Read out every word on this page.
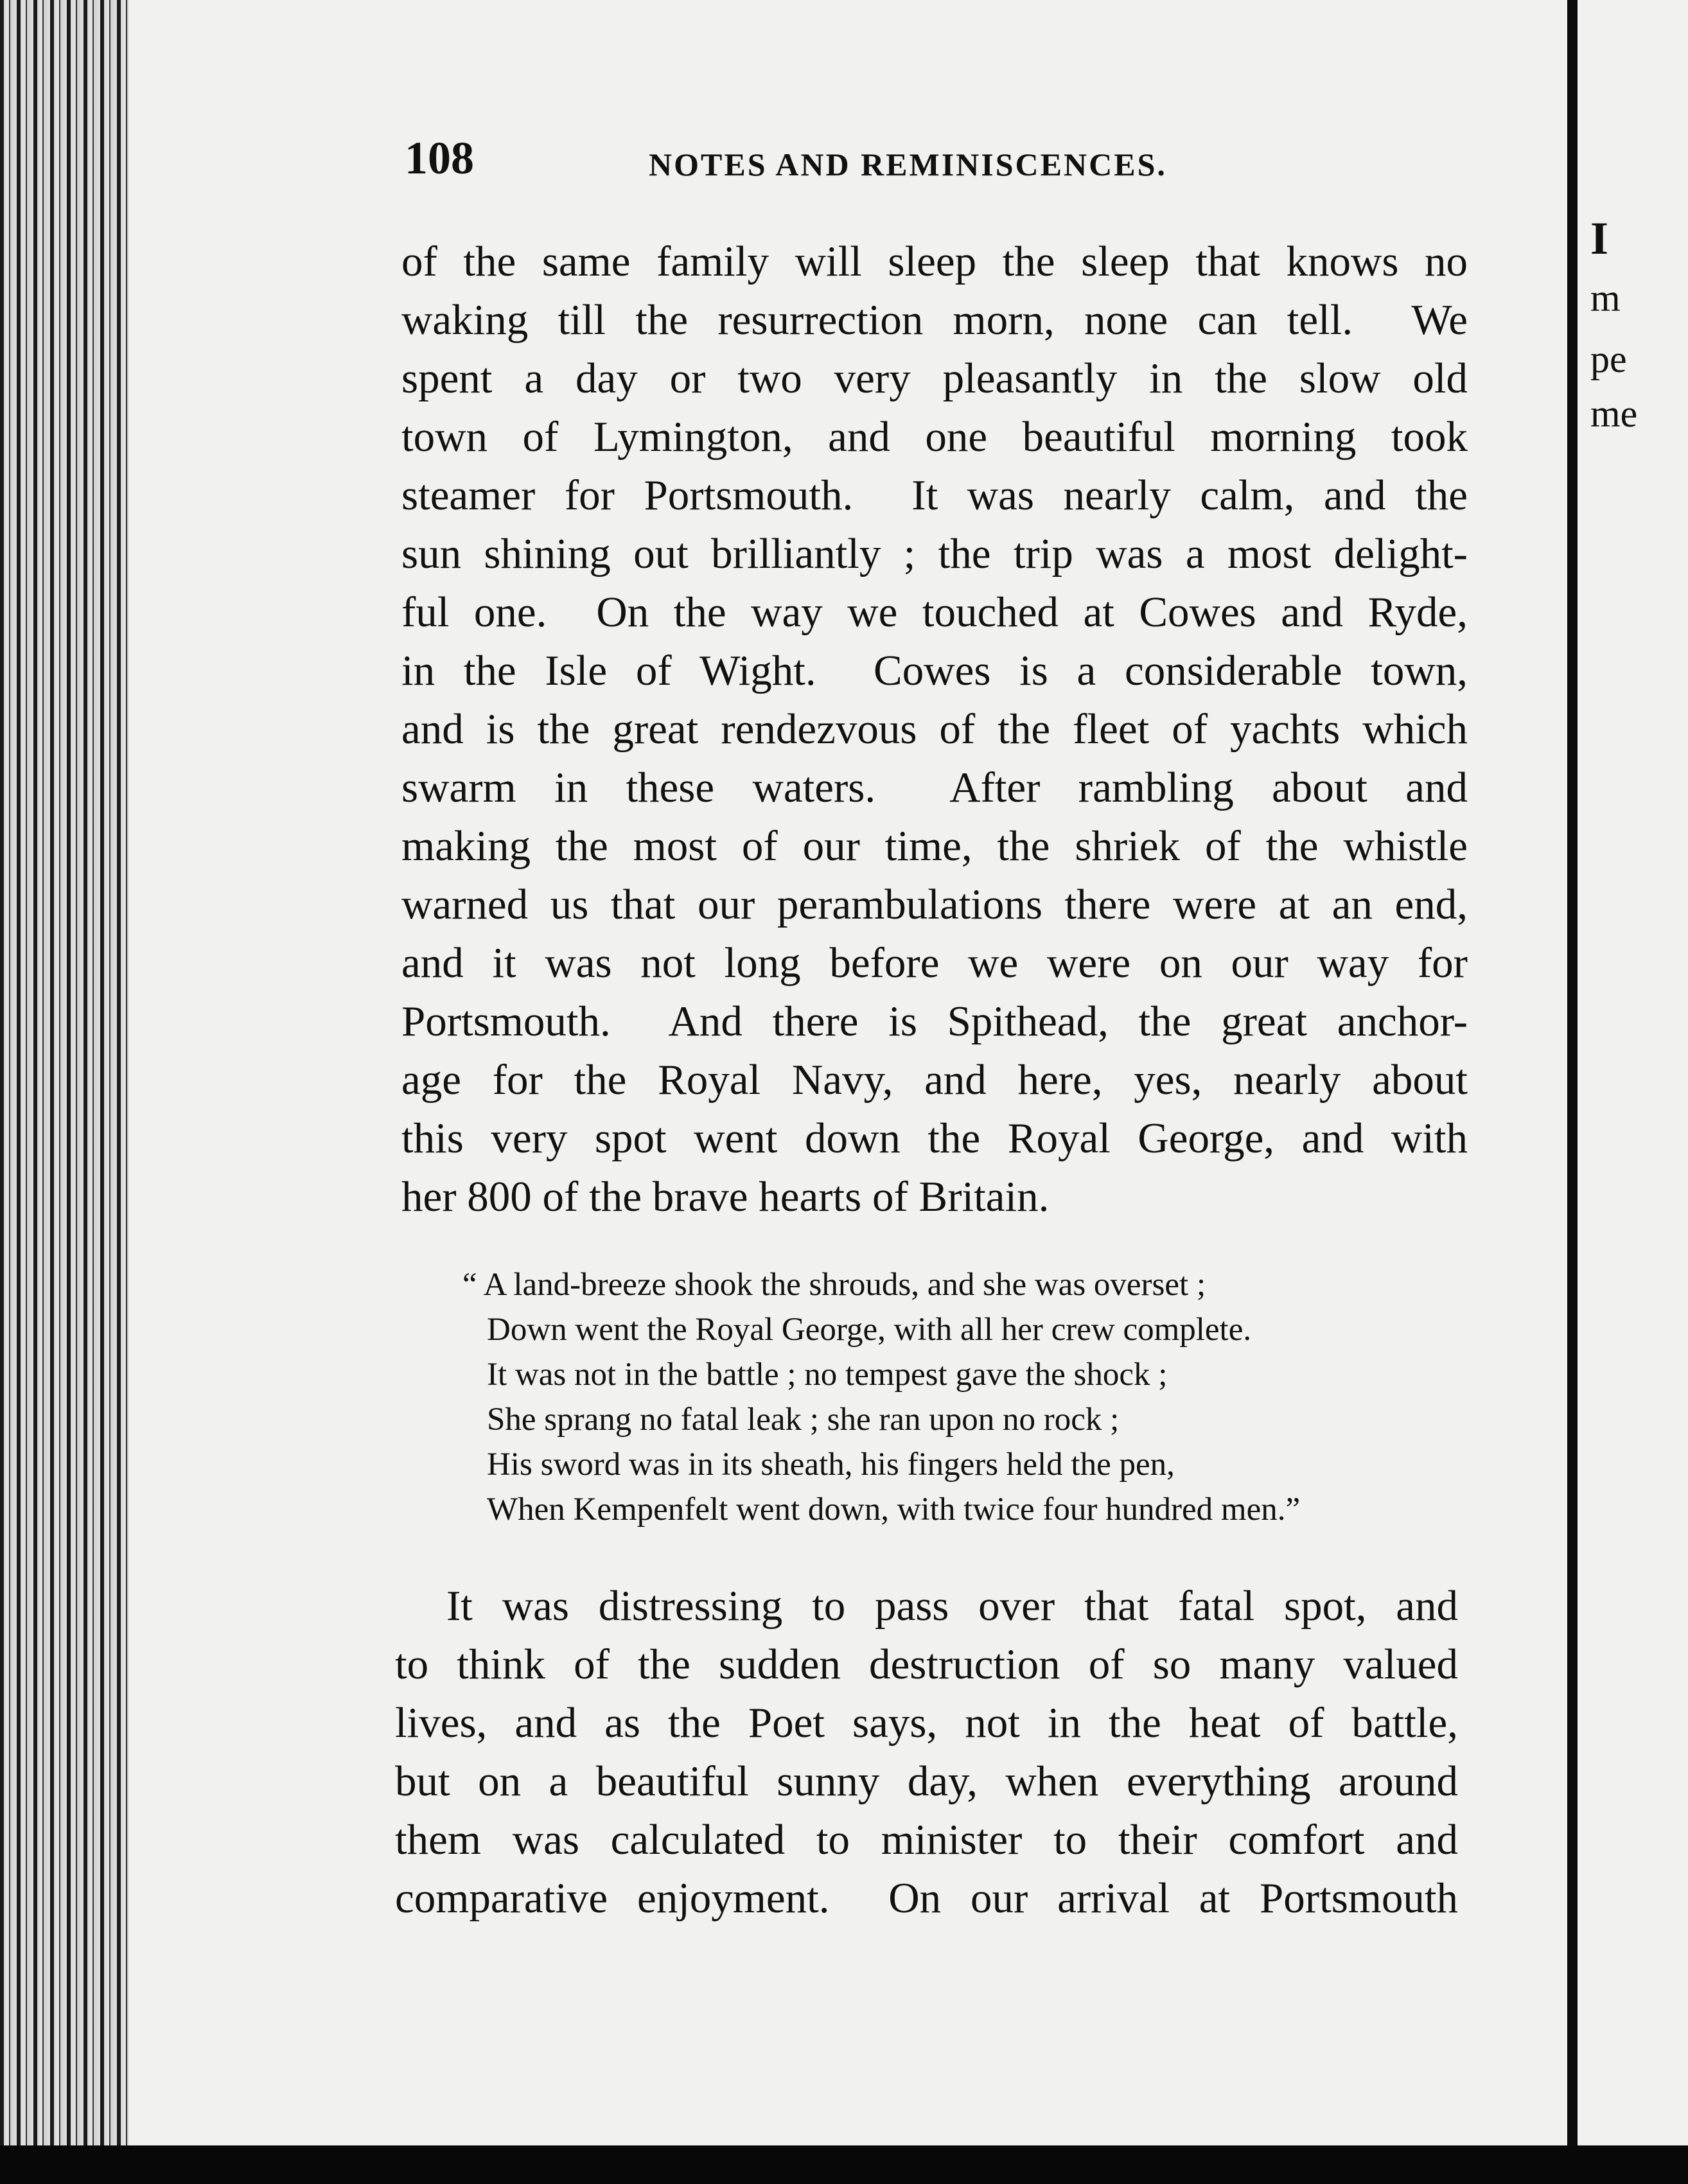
108	NOTES AND REMINISCENCES.
of the same family will sleep the sleep that knows no
waking till the resurrection morn, none can tell.  We
spent a day or two very pleasantly in the slow old
town of Lymington, and one beautiful morning took
steamer for Portsmouth.  It was nearly calm, and the
sun shining out brilliantly ; the trip was a most delight-
ful one.  On the way we touched at Cowes and Ryde,
in the Isle of Wight.  Cowes is a considerable town,
and is the great rendezvous of the fleet of yachts which
swarm in these waters.  After rambling about and
making the most of our time, the shriek of the whistle
warned us that our perambulations there were at an end,
and it was not long before we were on our way for
Portsmouth.  And there is Spithead, the great anchor-
age for the Royal Navy, and here, yes, nearly about
this very spot went down the Royal George, and with
her 800 of the brave hearts of Britain.
“ A land-breeze shook the shrouds, and she was overset ;
Down went the Royal George, with all her crew complete.
It was not in the battle ; no tempest gave the shock ;
She sprang no fatal leak ; she ran upon no rock ;
His sword was in its sheath, his fingers held the pen,
When Kempenfelt went down, with twice four hundred men.”
It was distressing to pass over that fatal spot, and
to think of the sudden destruction of so many valued
lives, and as the Poet says, not in the heat of battle,
but on a beautiful sunny day, when everything around
them was calculated to minister to their comfort and
comparative enjoyment.  On our arrival at Portsmouth
I
m
pe
me
